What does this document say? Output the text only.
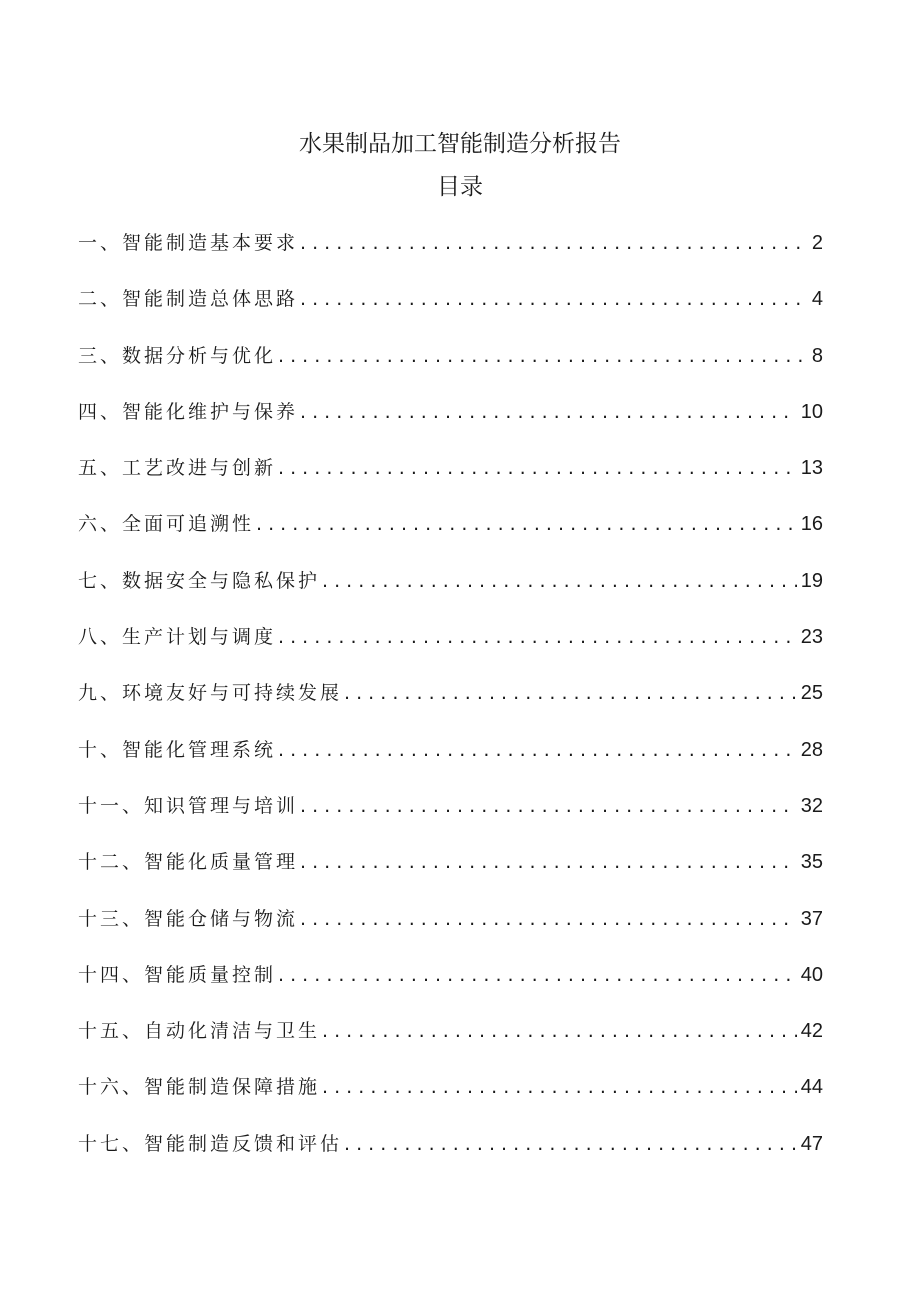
水果制品加工智能制造分析报告
目录
一、智能制造基本要求 . . .	2
二、智能制造总体思路 . . .	4
三、数据分析与优化 . . .	8
四、智能化维护与保养 . . .	10
五、工艺改进与创新 . . .	13
六、全面可追溯性 . . .	16
七、数据安全与隐私保护 . . .	19
八、生产计划与调度 . . .	23
九、环境友好与可持续发展 . . .	25
十、智能化管理系统 . . .	28
十一、知识管理与培训 . . .	32
十二、智能化质量管理 . . .	35
十三、智能仓储与物流 . . .	37
十四、智能质量控制 . . .	40
十五、自动化清洁与卫生 . . .	42
十六、智能制造保障措施 . . .	44
十七、智能制造反馈和评估 . . .	47
